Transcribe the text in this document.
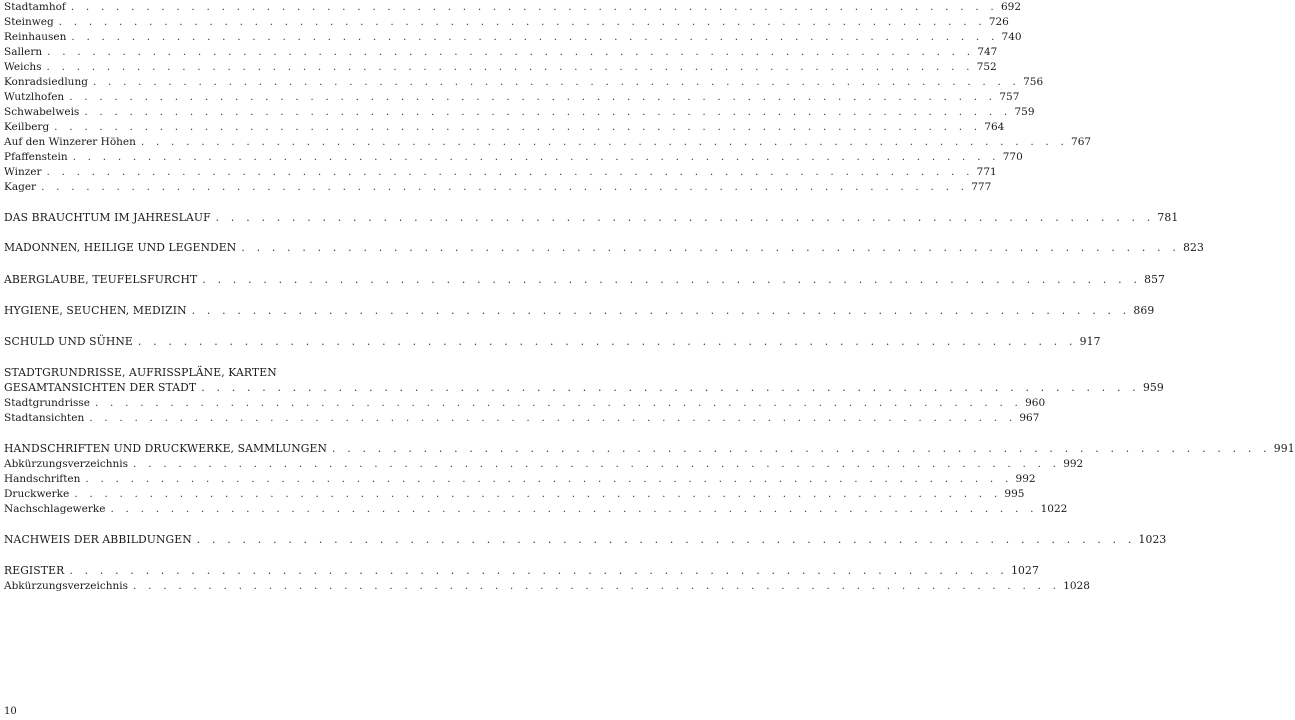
Stadtamhof . . . . . . . . . . . . . . . . . . . . . . . . . . . . . . . . . . . . . . . . . . . . . . . . . . . . . . . . . . . . . . 692
Steinweg . . . . . . . . . . . . . . . . . . . . . . . . . . . . . . . . . . . . . . . . . . . . . . . . . . . . . . . . . . . . . . 726
Reinhausen . . . . . . . . . . . . . . . . . . . . . . . . . . . . . . . . . . . . . . . . . . . . . . . . . . . . . . . . . . . . . . 740
Sallern . . . . . . . . . . . . . . . . . . . . . . . . . . . . . . . . . . . . . . . . . . . . . . . . . . . . . . . . . . . . . . 747
Weichs . . . . . . . . . . . . . . . . . . . . . . . . . . . . . . . . . . . . . . . . . . . . . . . . . . . . . . . . . . . . . . 752
Konradsiedlung . . . . . . . . . . . . . . . . . . . . . . . . . . . . . . . . . . . . . . . . . . . . . . . . . . . . . . . . . . . . . . 756
Wutzlhofen . . . . . . . . . . . . . . . . . . . . . . . . . . . . . . . . . . . . . . . . . . . . . . . . . . . . . . . . . . . . . . 757
Schwabelweis . . . . . . . . . . . . . . . . . . . . . . . . . . . . . . . . . . . . . . . . . . . . . . . . . . . . . . . . . . . . . . 759
Keilberg . . . . . . . . . . . . . . . . . . . . . . . . . . . . . . . . . . . . . . . . . . . . . . . . . . . . . . . . . . . . . . 764
Auf den Winzerer Höhen . . . . . . . . . . . . . . . . . . . . . . . . . . . . . . . . . . . . . . . . . . . . . . . . . . . . . . . . . . . . . . 767
Pfaffenstein . . . . . . . . . . . . . . . . . . . . . . . . . . . . . . . . . . . . . . . . . . . . . . . . . . . . . . . . . . . . . . 770
Winzer . . . . . . . . . . . . . . . . . . . . . . . . . . . . . . . . . . . . . . . . . . . . . . . . . . . . . . . . . . . . . . 771
Kager . . . . . . . . . . . . . . . . . . . . . . . . . . . . . . . . . . . . . . . . . . . . . . . . . . . . . . . . . . . . . . 777
DAS BRAUCHTUM IM JAHRESLAUF . . . . . . . . . . . . . . . . . . . . . . . . . . . . . . . . . . . . . . . . . . . . . . . . . . . . . . . . . . . . . . 781
MADONNEN, HEILIGE UND LEGENDEN . . . . . . . . . . . . . . . . . . . . . . . . . . . . . . . . . . . . . . . . . . . . . . . . . . . . . . . . . . . . . . 823
ABERGLAUBE, TEUFELSFURCHT . . . . . . . . . . . . . . . . . . . . . . . . . . . . . . . . . . . . . . . . . . . . . . . . . . . . . . . . . . . . . . 857
HYGIENE, SEUCHEN, MEDIZIN . . . . . . . . . . . . . . . . . . . . . . . . . . . . . . . . . . . . . . . . . . . . . . . . . . . . . . . . . . . . . . 869
SCHULD UND SÜHNE . . . . . . . . . . . . . . . . . . . . . . . . . . . . . . . . . . . . . . . . . . . . . . . . . . . . . . . . . . . . . . 917
STADTGRUNDRISSE, AUFRISSPLÄNE, KARTEN
GESAMTANSICHTEN DER STADT . . . . . . . . . . . . . . . . . . . . . . . . . . . . . . . . . . . . . . . . . . . . . . . . . . . . . . . . . . . . . . 959
Stadtgrundrisse . . . . . . . . . . . . . . . . . . . . . . . . . . . . . . . . . . . . . . . . . . . . . . . . . . . . . . . . . . . . . . 960
Stadtansichten . . . . . . . . . . . . . . . . . . . . . . . . . . . . . . . . . . . . . . . . . . . . . . . . . . . . . . . . . . . . . . 967
HANDSCHRIFTEN UND DRUCKWERKE, SAMMLUNGEN . . . . . . . . . . . . . . . . . . . . . . . . . . . . . . . . . . . . . . . . . . . . . . . . . . . . . . . . . . . . . . 991
Abkürzungsverzeichnis . . . . . . . . . . . . . . . . . . . . . . . . . . . . . . . . . . . . . . . . . . . . . . . . . . . . . . . . . . . . . . 992
Handschriften . . . . . . . . . . . . . . . . . . . . . . . . . . . . . . . . . . . . . . . . . . . . . . . . . . . . . . . . . . . . . . 992
Druckwerke . . . . . . . . . . . . . . . . . . . . . . . . . . . . . . . . . . . . . . . . . . . . . . . . . . . . . . . . . . . . . . 995
Nachschlagewerke . . . . . . . . . . . . . . . . . . . . . . . . . . . . . . . . . . . . . . . . . . . . . . . . . . . . . . . . . . . . . . 1022
NACHWEIS DER ABBILDUNGEN . . . . . . . . . . . . . . . . . . . . . . . . . . . . . . . . . . . . . . . . . . . . . . . . . . . . . . . . . . . . . . 1023
REGISTER . . . . . . . . . . . . . . . . . . . . . . . . . . . . . . . . . . . . . . . . . . . . . . . . . . . . . . . . . . . . . . 1027
Abkürzungsverzeichnis . . . . . . . . . . . . . . . . . . . . . . . . . . . . . . . . . . . . . . . . . . . . . . . . . . . . . . . . . . . . . . 1028
10
